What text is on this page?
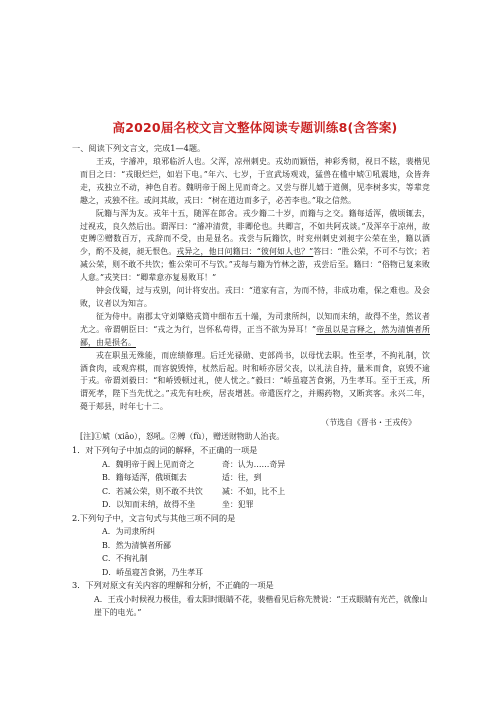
高2020届名校文言文整体阅读专题训练8(含答案)
一、阅读下列文言文，完成1—4题。

王戎，字濬冲，琅邪临沂人也。父浑，凉州刺史。戎幼而颖悟，神彩秀彻，视日不眩，裴楷见而目之曰：“戎眼烂烂，如岩下电。”年六、七岁，于宣武场观戏，猛兽在槛中虓①吼震地，众皆奔走，戎独立不动，神色自若。魏明帝于阁上见而奇之。又尝与群儿嬉于道侧，见李树多实，等辈竞趣之，戎独不往。或问其故，戎曰：“树在道边而多子，必苦李也。”取之信然。

阮籍与浑为友。戎年十五，随浑在郎舍。戎少籍二十岁，而籍与之交。籍每适浑，俄顷辄去，过视戎，良久然后出。谓浑曰：“濬冲清赏，非卿伦也。共卿言，不如共阿戎谈。”及浑卒于凉州，故吏赙②赠数百万，戎辞而不受，由是显名。戎尝与阮籍饮，时兖州刺史刘昶字公荣在坐，籍以酒少，酌不及昶，昶无恨色。戎异之，他日问籍曰：“彼何如人也？”答曰：“胜公荣，不可不与饮；若减公荣，则不敢不共饮；惟公荣可不与饮。”戎每与籍为竹林之游，戎尝后至。籍曰：“俗物已复来败人意。”戎笑曰：“卿辈意亦复易败耳！”

钟会伐蜀，过与戎别，问计将安出。戎曰：“道家有言，为而不恃，非成功难，保之难也。及会败，议者以为知言。

征为侍中。南郡太守刘肇赂戎筒中细布五十端，为司隶所纠，以知而未纳，故得不坐，然议者尤之。帝谓朝臣曰：“戎之为行，岂怀私苟得，正当不欲为异耳！”帝虽以是言释之，然为清慎者所鄙，由是损名。

戎在职虽无殊能，而庶绩修理。后迁光禄勋、吏部尚书，以母忧去职。性至孝，不拘礼制，饮酒食肉，或观弈棋，而容貌毁悴，杖然后起。时和峤亦居父丧，以礼法自持，量米而食，哀毁不逾于戎。帝谓刘毅曰：“和峤毁顿过礼，使人忧之。”毅曰：“峤虽寝苫食粥，乃生孝耳。至于王戎，所谓死孝，陛下当先忧之。”戎先有吐疾，居丧增甚。帝遣医疗之，并赐药物，又断宾客。永兴二年，薨于郏县，时年七十二。

（节选自《晋书・王戎传》
[注]①虓（xiāo），怒吼。②赙（fù），赠送财物助人治丧。
1．对下列句子中加点的词的解释，不正确的一项是
A．魏明帝于阁上见而奇之	奇：认为……奇异
B．籍每适浑，俄顷辄去	适：往，到
C．若减公荣，则不敢不共饮	减：不如，比不上
D．以知而未纳，故得不坐	坐：犯罪
2.下列句子中，文言句式与其他三项不同的是
A．为司隶所纠
B．然为清慎者所鄙
C．不拘礼制
D．峤虽寝苫食粥，乃生孝耳
3．下列对原文有关内容的理解和分析，不正确的一项是
A．王戎小时候视力极佳，看太阳时眼睛不花，裴楷看见后称先赞说：“王戎眼睛有光芒，就像山崖下的电光。”
